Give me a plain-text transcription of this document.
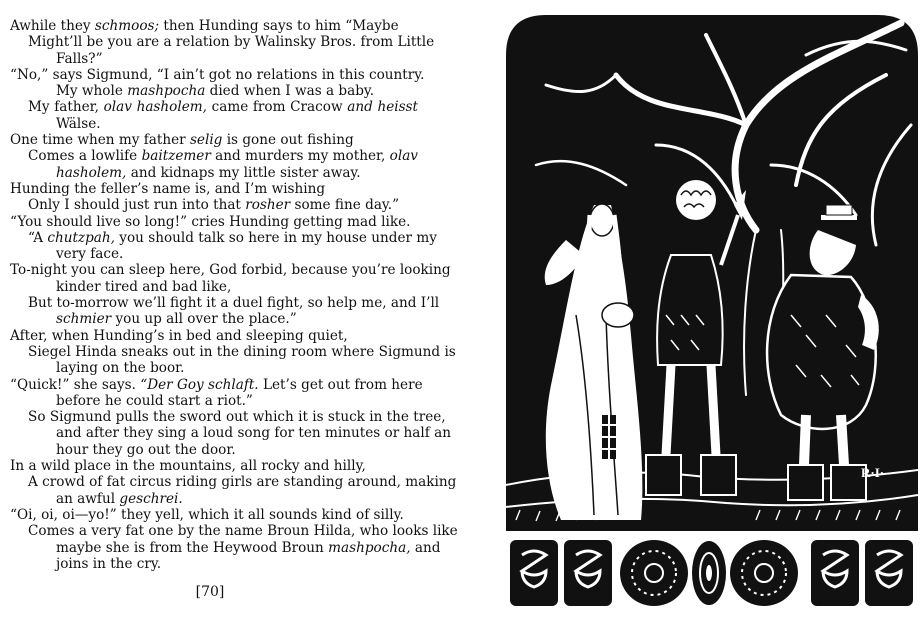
Awhile they schmoos; then Hunding says to him “Maybe
Might’ll be you are a relation by Walinsky Bros. from Little
Falls?”
“No,” says Sigmund, “I ain’t got no relations in this country.
My whole mashpocha died when I was a baby.
My father, olav hasholem, came from Cracow and heisst
Wälse.
One time when my father selig is gone out fishing
Comes a lowlife baitzemer and murders my mother, olav
hasholem, and kidnaps my little sister away.
Hunding the feller’s name is, and I’m wishing
Only I should just run into that rosher some fine day.”
“You should live so long!” cries Hunding getting mad like.
“A chutzpah, you should talk so here in my house under my
very face.
To-night you can sleep here, God forbid, because you’re looking
kinder tired and bad like,
But to-morrow we’ll fight it a duel fight, so help me, and I’ll
schmier you up all over the place.”
After, when Hunding’s in bed and sleeping quiet,
Siegel Hinda sneaks out in the dining room where Sigmund is
laying on the boor.
“Quick!” she says. “Der Goy schlaft. Let’s get out from here
before he could start a riot.”
So Sigmund pulls the sword out which it is stuck in the tree,
and after they sing a loud song for ten minutes or half an
hour they go out the door.
In a wild place in the mountains, all rocky and hilly,
A crowd of fat circus riding girls are standing around, making
an awful geschrei.
“Oi, oi, oi—yo!” they yell, which it all sounds kind of silly.
Comes a very fat one by the name Broun Hilda, who looks like
maybe she is from the Heywood Broun mashpocha, and
joins in the cry.
[70]
R·I·
